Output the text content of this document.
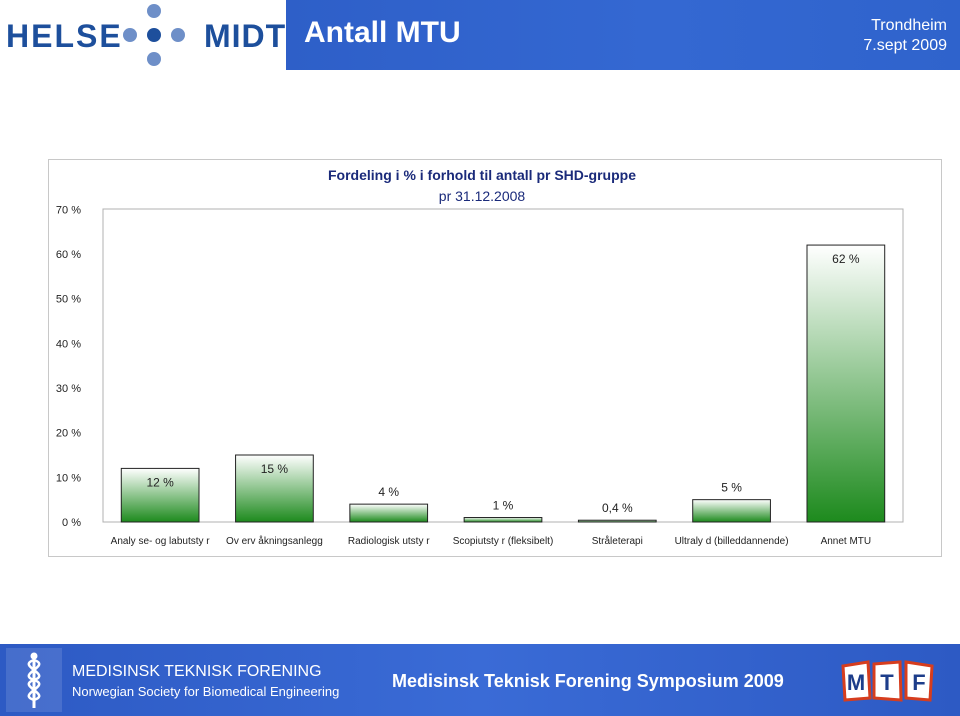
HELSE	MIDT Antall MTU	Trondheim
7.sept 2009
Fordeling i % i forhold til antall pr SHD-gruppe
pr 31.12.2008
0 %
10 %
20 %
30 %
40 %
50 %
60 %
70 %
12 %
15 %
4 %
1 %	0,4 %
5 %
62 %
Analy se- og labutsty r Ov erv åkningsanlegg	Radiologisk utsty r Scopiutsty r (fleksibelt)	Stråleterapi	Ultraly d (billeddannende)	Annet MTU
MEDISINSK TEKNISK FORENING
Norwegian Society for Biomedical Engineering
Medisinsk Teknisk Forening Symposium 2009	M T F
